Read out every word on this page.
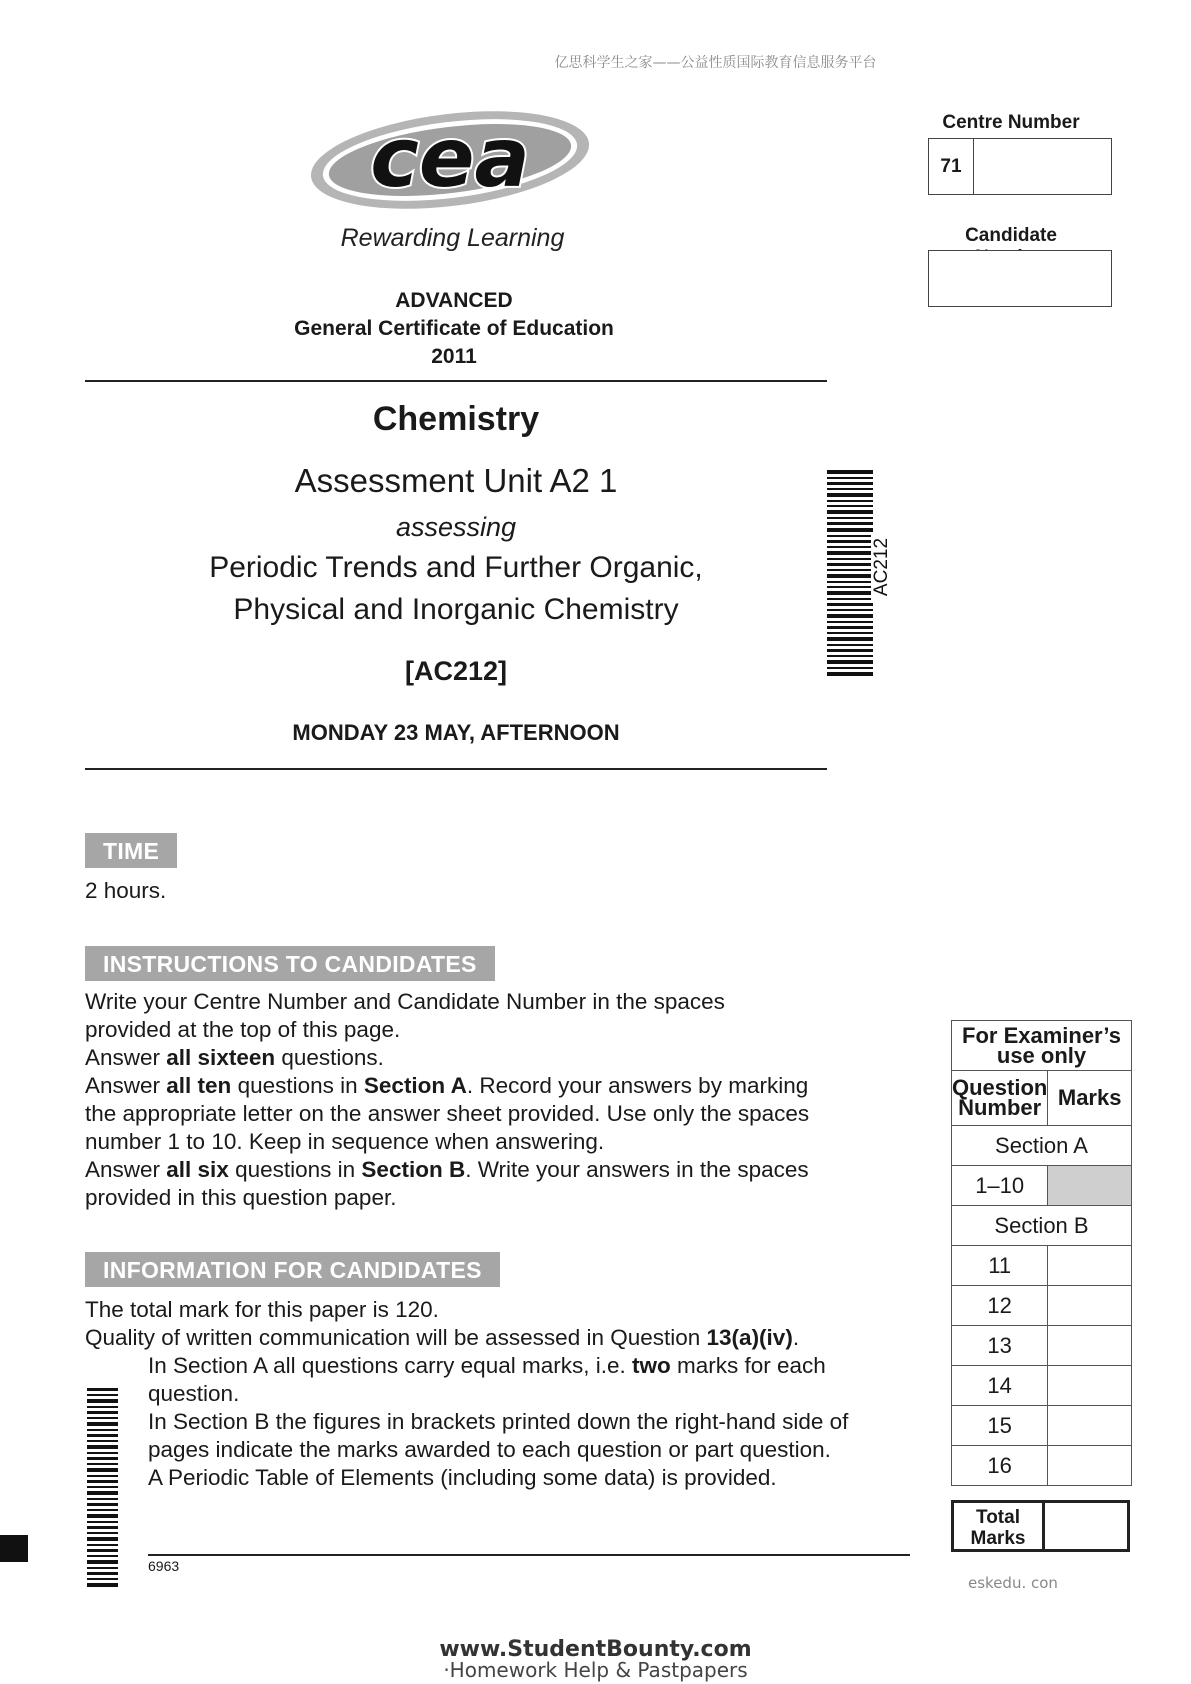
亿思科学生之家——公益性质国际教育信息服务平台
cea
Rewarding Learning
ADVANCED
General Certificate of Education
2011
Centre Number
71
Candidate
Chemistry
Assessment Unit A2 1
assessing
Periodic Trends and Further Organic,
Physical and Inorganic Chemistry
[AC212]
MONDAY 23 MAY, AFTERNOON
AC212
TIME
2 hours.
INSTRUCTIONS TO CANDIDATES
Write your Centre Number and Candidate Number in the spaces
provided at the top of this page.
Answer all sixteen questions.
Answer all ten questions in Section A. Record your answers by marking
the appropriate letter on the answer sheet provided. Use only the spaces
number 1 to 10. Keep in sequence when answering.
Answer all six questions in Section B. Write your answers in the spaces
provided in this question paper.
INFORMATION FOR CANDIDATES
The total mark for this paper is 120.
Quality of written communication will be assessed in Question 13(a)(iv).
In Section A all questions carry equal marks, i.e. two marks for each
question.
In Section B the figures in brackets printed down the right-hand side of
pages indicate the marks awarded to each question or part question.
A Periodic Table of Elements (including some data) is provided.
6963
For Examiner’s
use only	

Question
Number	Marks
Section A	
1–10	
Section B	
11	
12	
13	
14	
15	
16	
Total
Marks
eskedu. con
www.StudentBounty.com
·Homework Help & Pastpapers
